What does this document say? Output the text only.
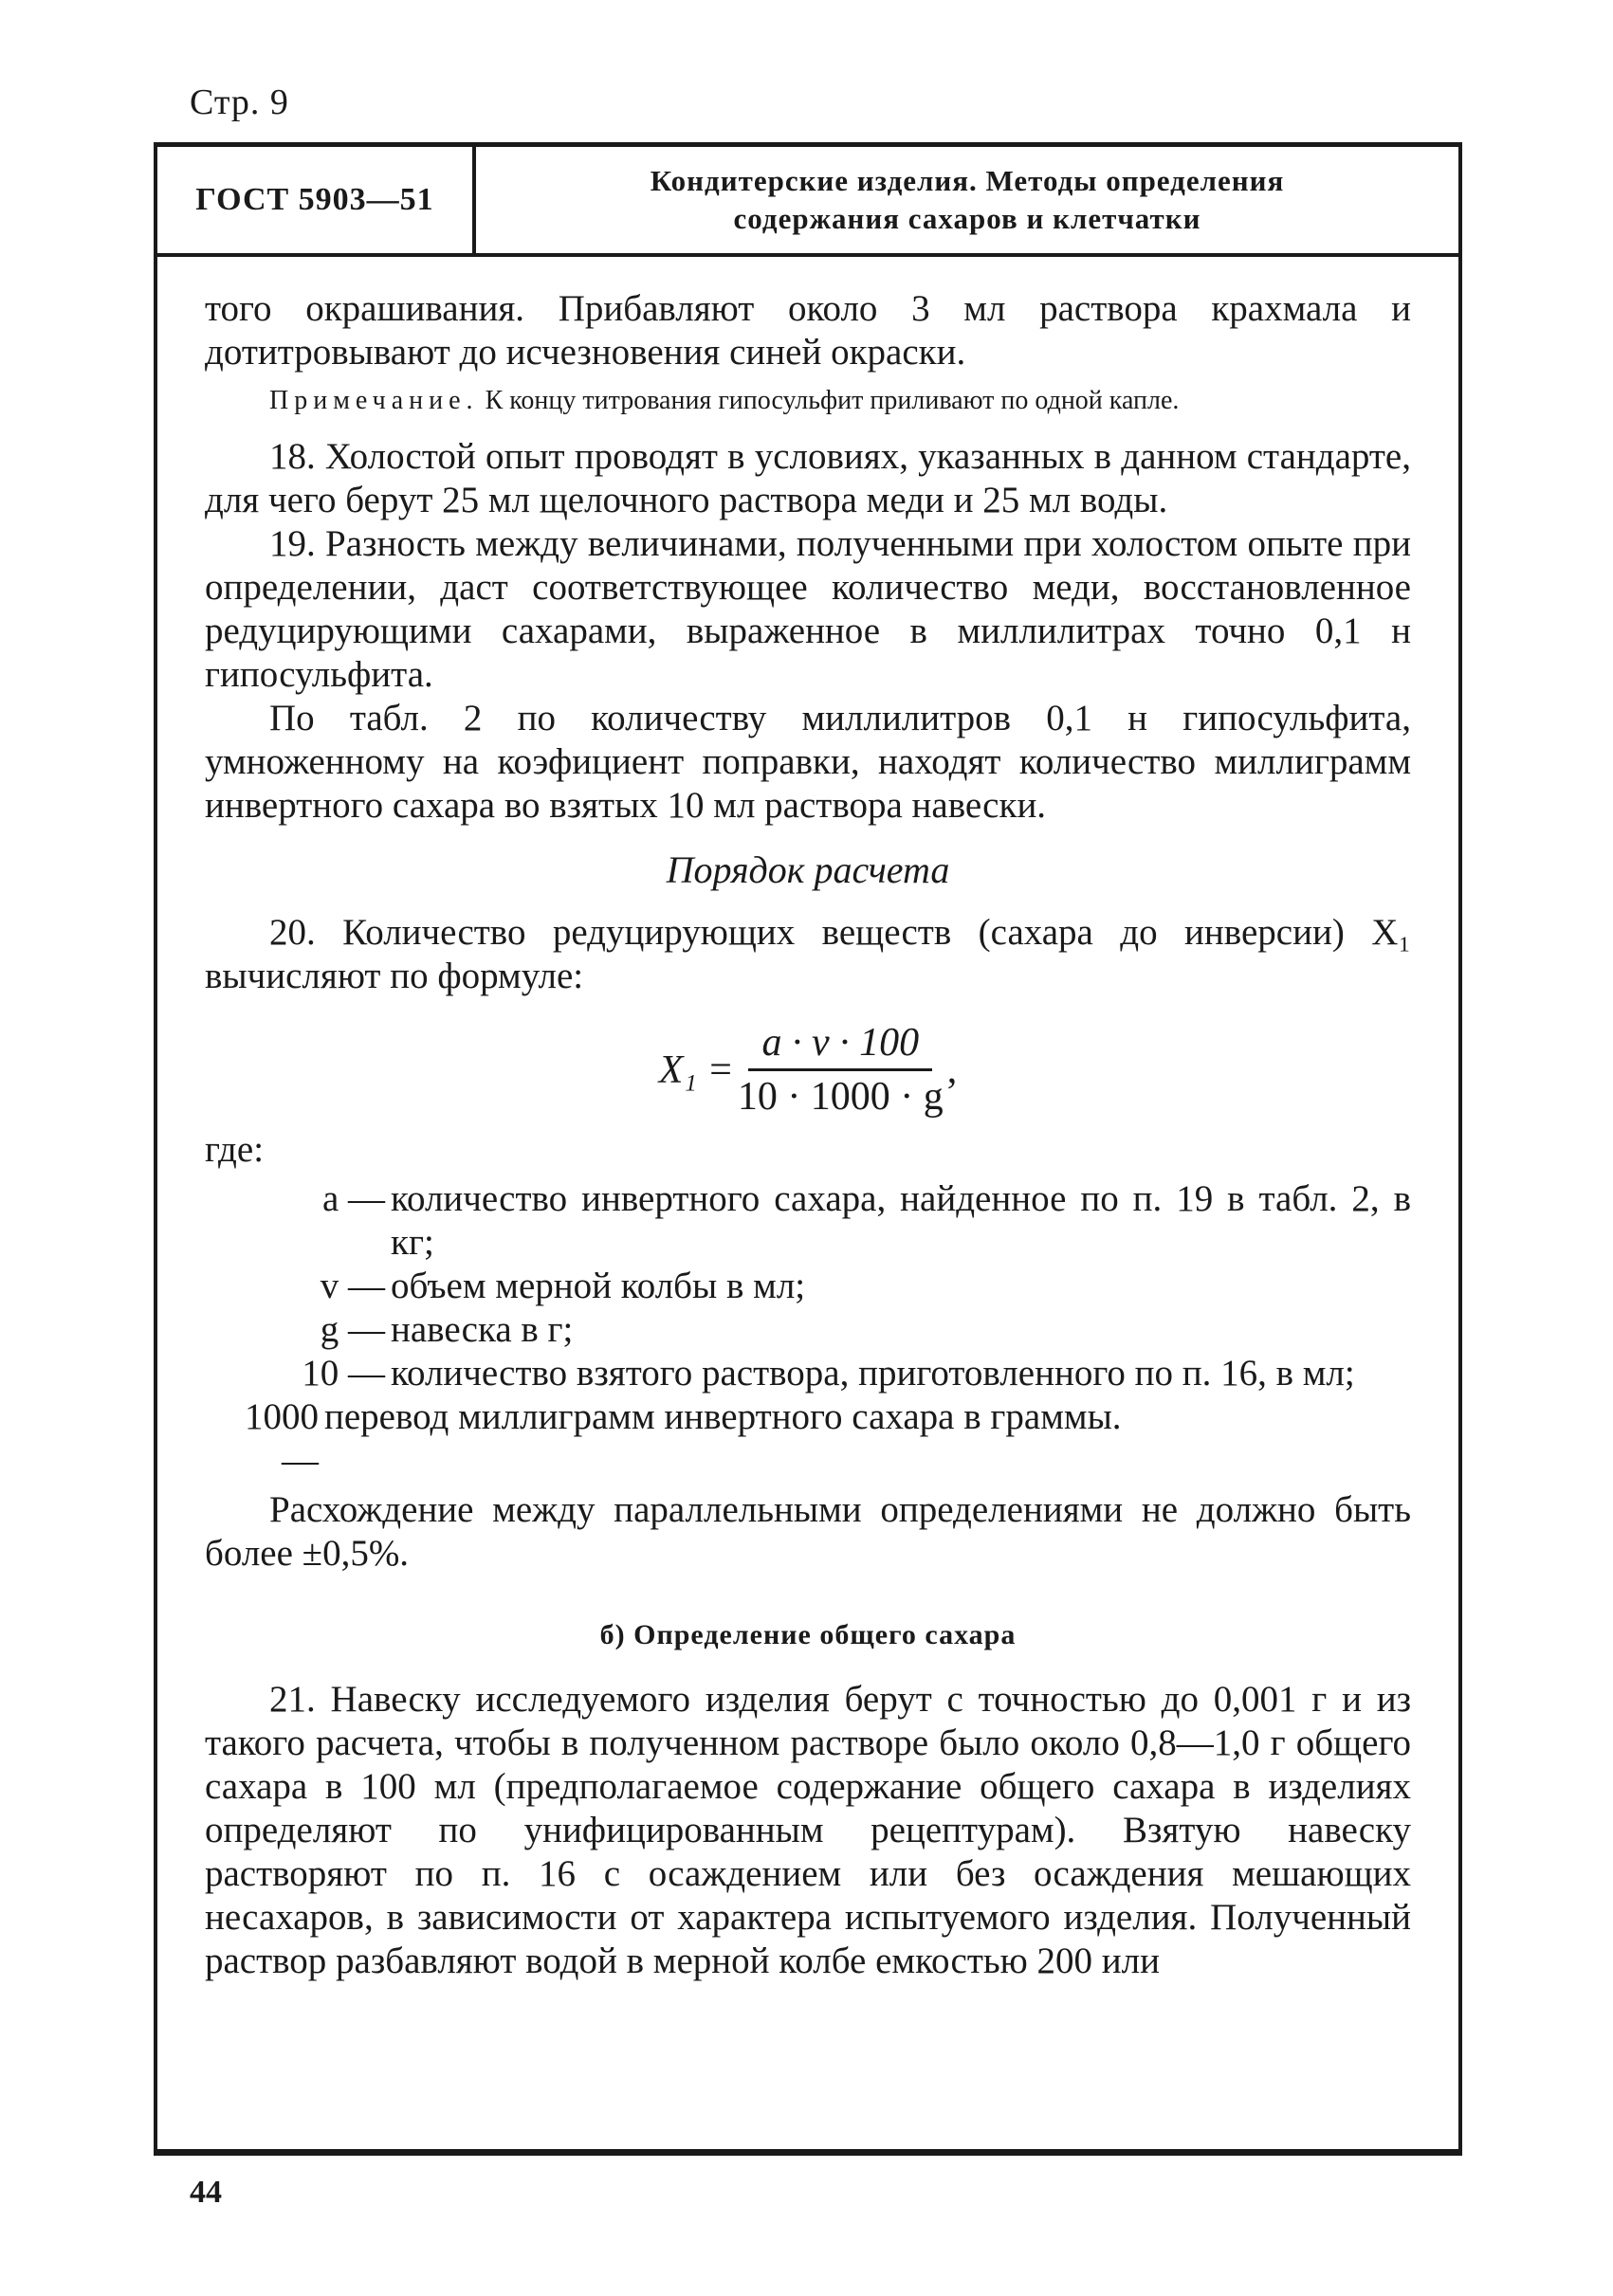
Стр. 9
ГОСТ 5903—51
Кондитерские изделия. Методы определения
содержания сахаров и клетчатки

того окрашивания. Прибавляют около 3 мл раствора крахмала и дотитровывают до исчезновения синей окраски.

Примечание. К концу титрования гипосульфит приливают по одной капле.

18. Холостой опыт проводят в условиях, указанных в данном стандарте, для чего берут 25 мл щелочного раствора меди и 25 мл воды.

19. Разность между величинами, полученными при холостом опыте при определении, даст соответствующее количество меди, восстановленное редуцирующими сахарами, выраженное в миллилитрах точно 0,1 н гипосульфита.

По табл. 2 по количеству миллилитров 0,1 н гипосульфита, умноженному на коэфициент поправки, находят количество миллиграмм инвертного сахара во взятых 10 мл раствора навески.

Порядок расчета

20. Количество редуцирующих веществ (сахара до инверсии) X₁ вычисляют по формуле:

$X_1 = \frac{a \cdot v \cdot 100}{10 \cdot 1000 \cdot g}$ ,

где:

a — количество инвертного сахара, найденное по п. 19 в табл. 2, в кг;
v — объем мерной колбы в мл;
g — навеска в г;
10 — количество взятого раствора, приготовленного по п. 16, в мл;
1000 —
перевод миллиграмм инвертного сахара в граммы.

Расхождение между параллельными определениями не должно быть более ±0,5%.

б) Определение общего сахара

21. Навеску исследуемого изделия берут с точностью до 0,001 г и из такого расчета, чтобы в полученном растворе было около 0,8—1,0 г общего сахара в 100 мл (предполагаемое содержание общего сахара в изделиях определяют по унифицированным рецептурам). Взятую навеску растворяют по п. 16 с осаждением или без осаждения мешающих несахаров, в зависимости от характера испытуемого изделия. Полученный раствор разбавляют водой в мерной колбе емкостью 200 или

44
